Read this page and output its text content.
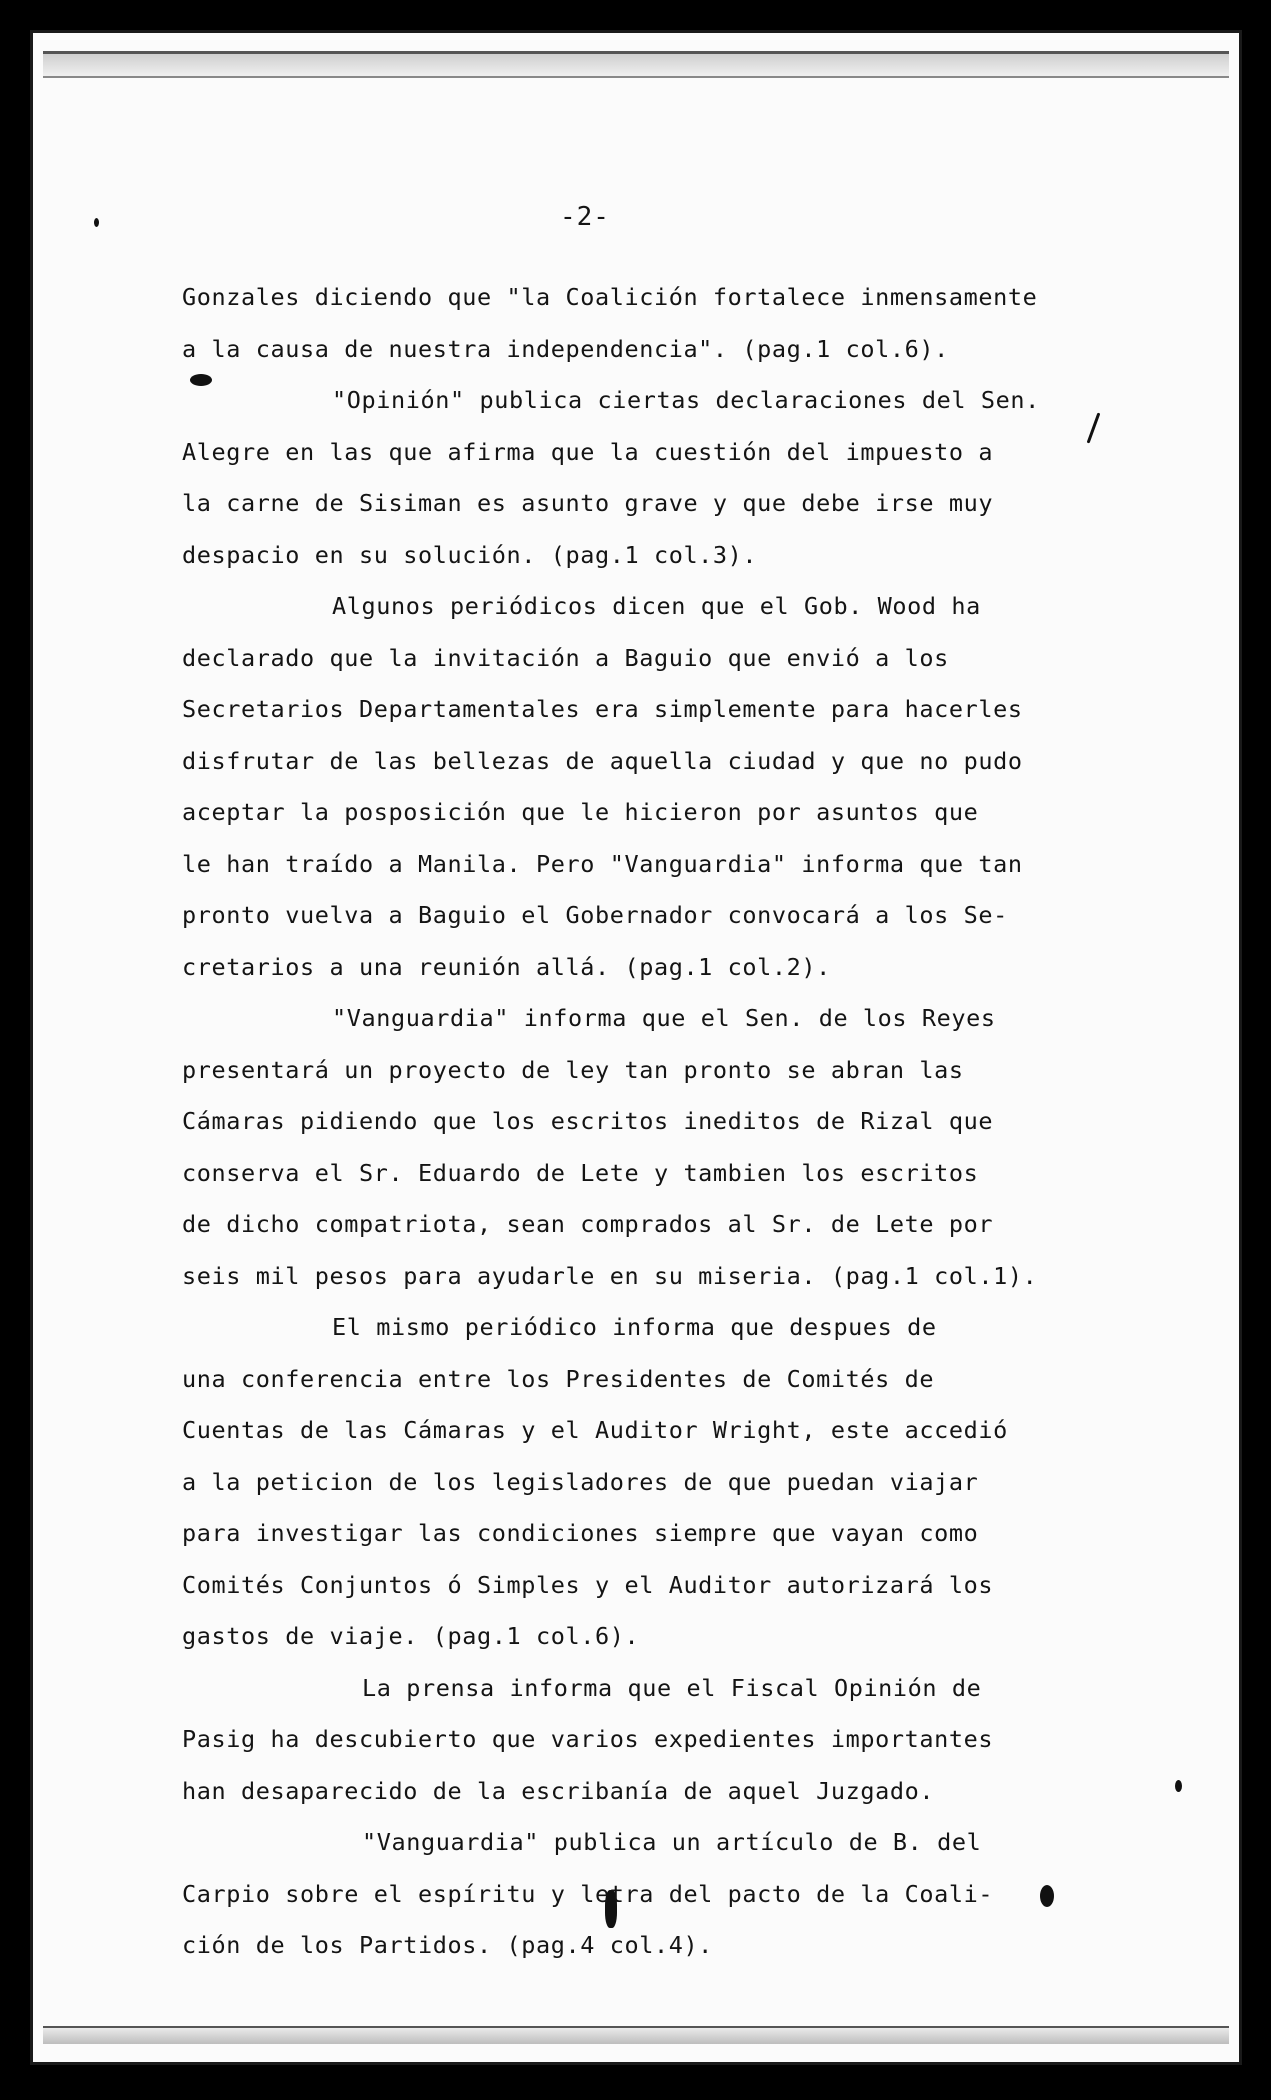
-2-
Gonzales diciendo que "la Coalición fortalece inmensamente
a la causa de nuestra independencia". (pag.1 col.6).
"Opinión" publica ciertas declaraciones del Sen.
Alegre en las que afirma que la cuestión del impuesto a
la carne de Sisiman es asunto grave y que debe irse muy
despacio en su solución. (pag.1 col.3).
Algunos periódicos dicen que el Gob. Wood ha
declarado que la invitación a Baguio que envió a los
Secretarios Departamentales era simplemente para hacerles
disfrutar de las bellezas de aquella ciudad y que no pudo
aceptar la posposición que le hicieron por asuntos que
le han traído a Manila. Pero "Vanguardia" informa que tan
pronto vuelva a Baguio el Gobernador convocará a los Se-
cretarios a una reunión allá. (pag.1 col.2).
"Vanguardia" informa que el Sen. de los Reyes
presentará un proyecto de ley tan pronto se abran las
Cámaras pidiendo que los escritos ineditos de Rizal que
conserva el Sr. Eduardo de Lete y tambien los escritos
de dicho compatriota, sean comprados al Sr. de Lete por
seis mil pesos para ayudarle en su miseria. (pag.1 col.1).
El mismo periódico informa que despues de
una conferencia entre los Presidentes de Comités de
Cuentas de las Cámaras y el Auditor Wright, este accedió
a la peticion de los legisladores de que puedan viajar
para investigar las condiciones siempre que vayan como
Comités Conjuntos ó Simples y el Auditor autorizará los
gastos de viaje. (pag.1 col.6).
La prensa informa que el Fiscal Opinión de
Pasig ha descubierto que varios expedientes importantes
han desaparecido de la escribanía de aquel Juzgado.
"Vanguardia" publica un artículo de B. del
Carpio sobre el espíritu y letra del pacto de la Coali-
ción de los Partidos. (pag.4 col.4).
